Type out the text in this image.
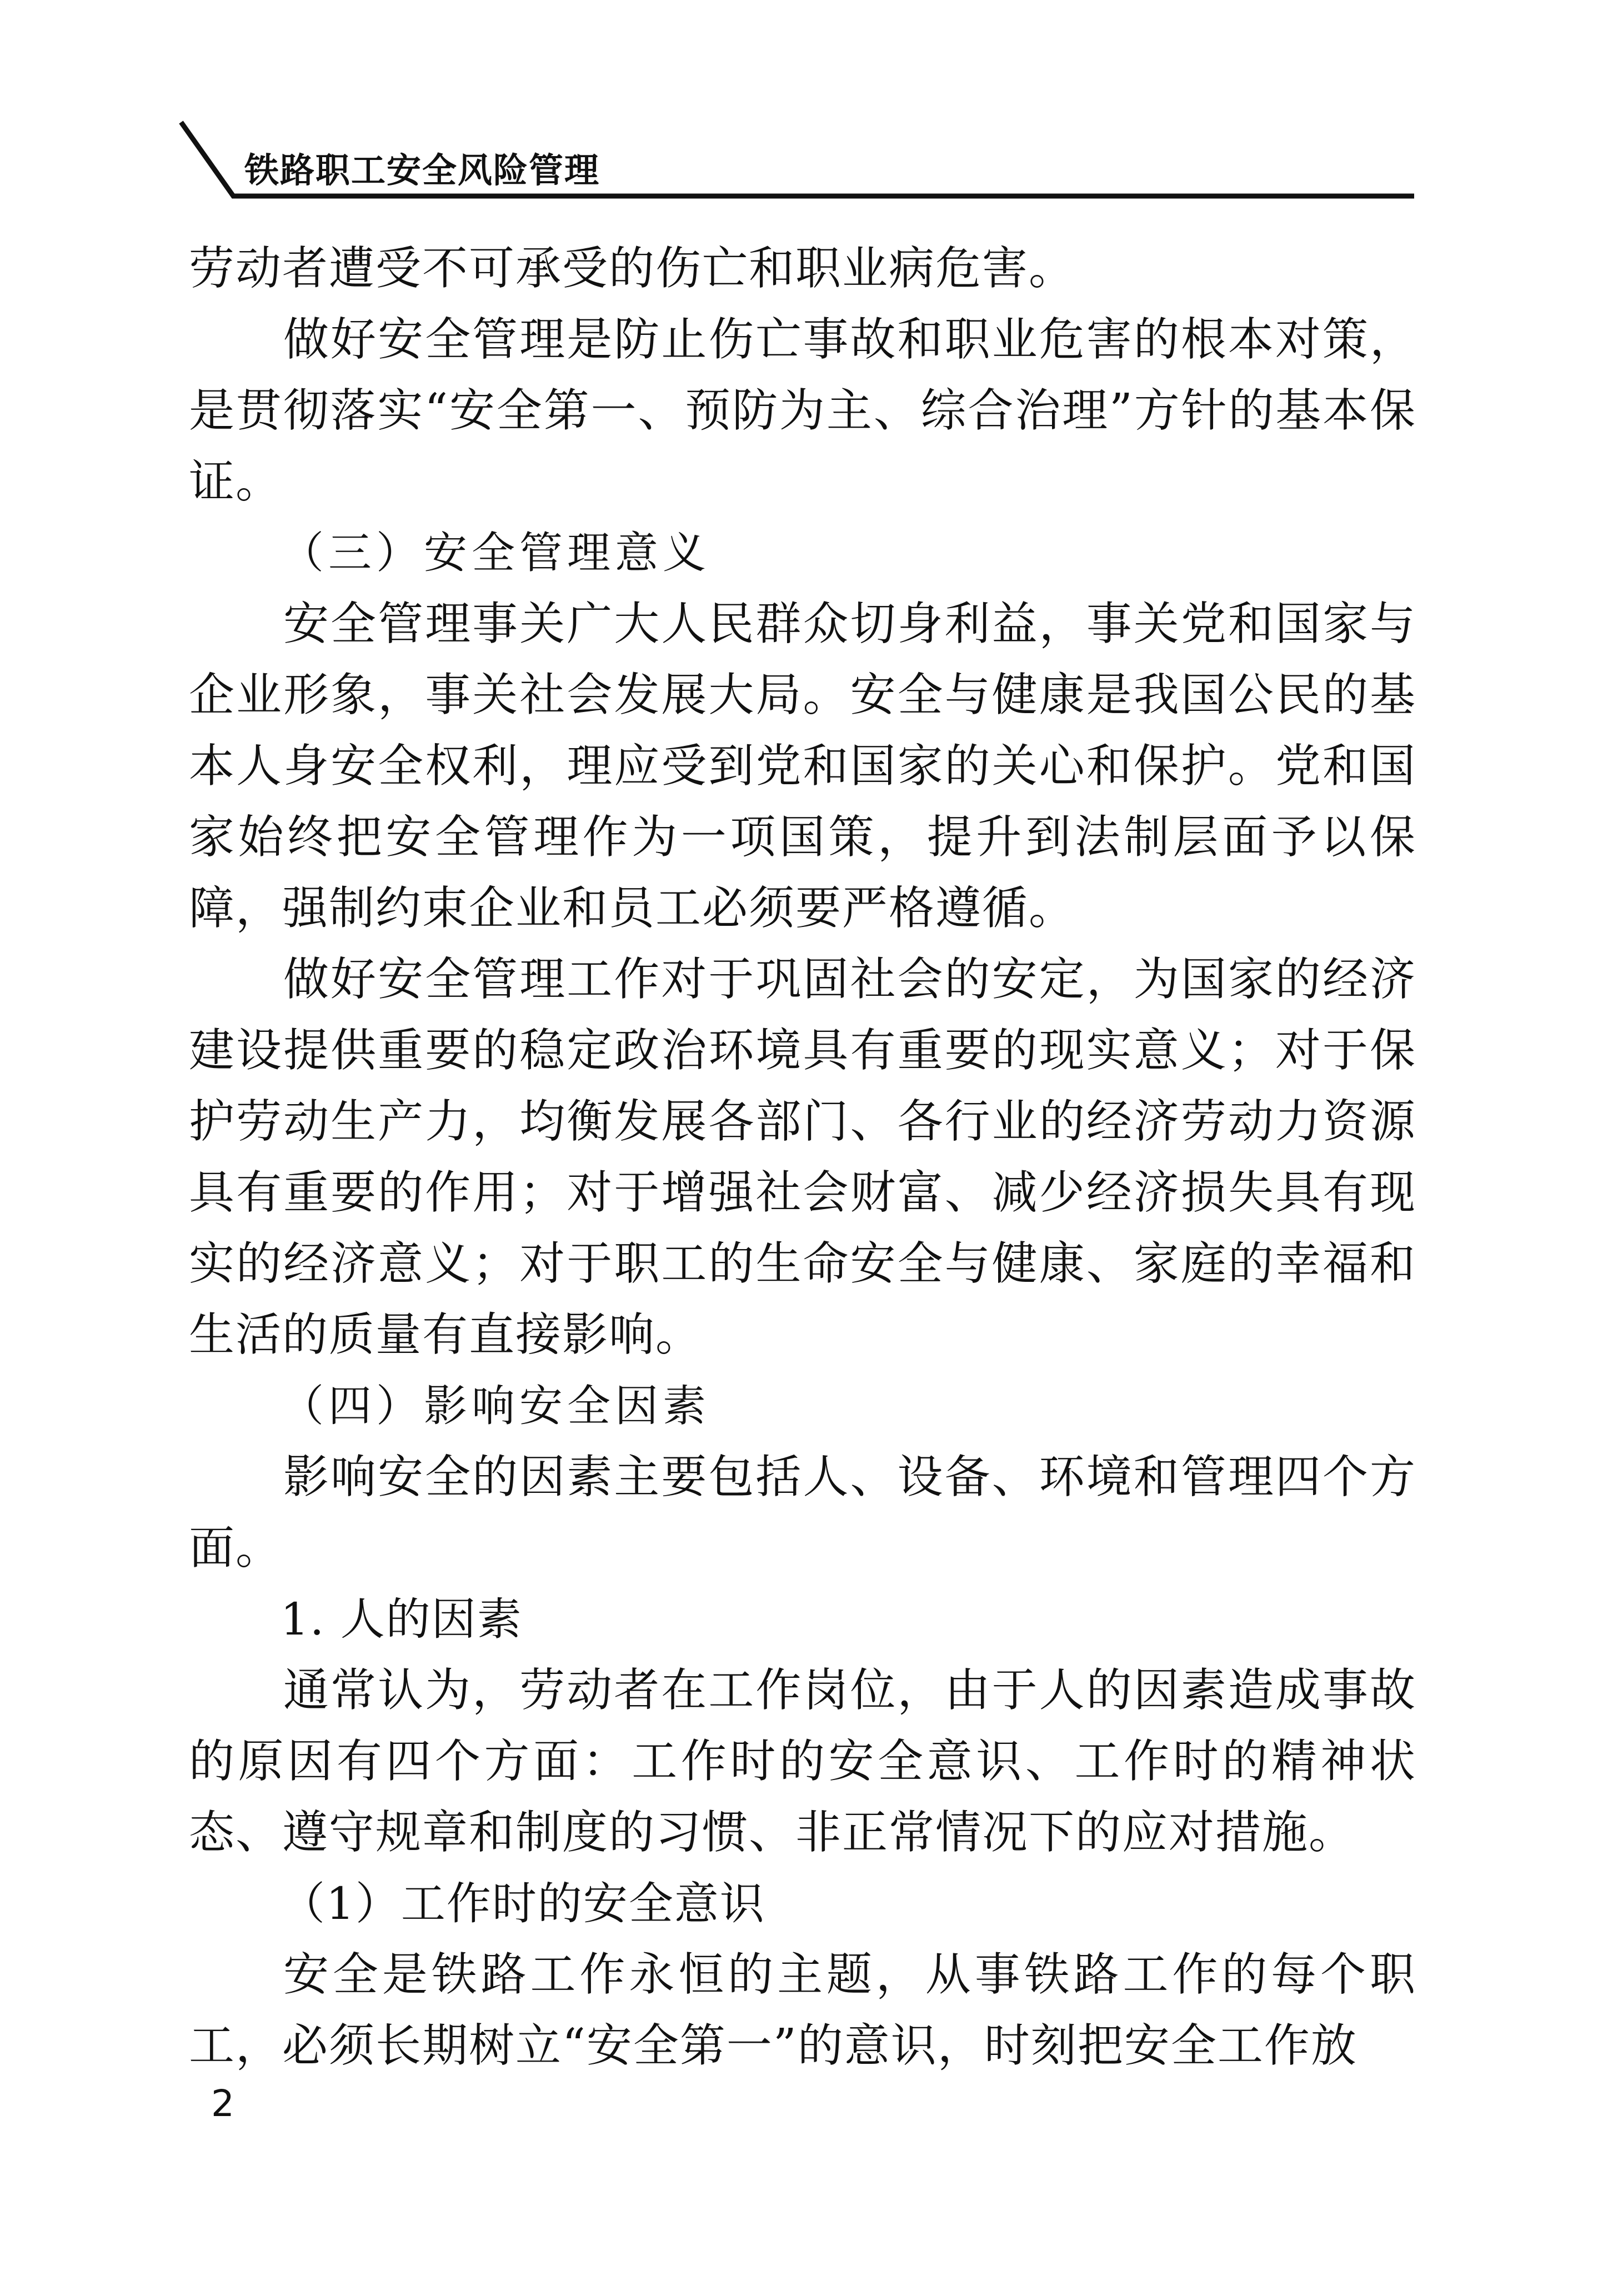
铁路职工安全风险管理

劳动者遭受不可承受的伤亡和职业病危害。

做好安全管理是防止伤亡事故和职业危害的根本对策，是贯彻落实“安全第一、预防为主、综合治理”方针的基本保证。

（三）安全管理意义

安全管理事关广大人民群众切身利益，事关党和国家与企业形象，事关社会发展大局。安全与健康是我国公民的基本人身安全权利，理应受到党和国家的关心和保护。党和国家始终把安全管理作为一项国策，提升到法制层面予以保障，强制约束企业和员工必须要严格遵循。

做好安全管理工作对于巩固社会的安定，为国家的经济建设提供重要的稳定政治环境具有重要的现实意义；对于保护劳动生产力，均衡发展各部门、各行业的经济劳动力资源具有重要的作用；对于增强社会财富、减少经济损失具有现实的经济意义；对于职工的生命安全与健康、家庭的幸福和生活的质量有直接影响。

（四）影响安全因素

影响安全的因素主要包括人、设备、环境和管理四个方面。

1. 人的因素

通常认为，劳动者在工作岗位，由于人的因素造成事故的原因有四个方面：工作时的安全意识、工作时的精神状态、遵守规章和制度的习惯、非正常情况下的应对措施。

（1）工作时的安全意识

安全是铁路工作永恒的主题，从事铁路工作的每个职工，必须长期树立“安全第一”的意识，时刻把安全工作放

2
